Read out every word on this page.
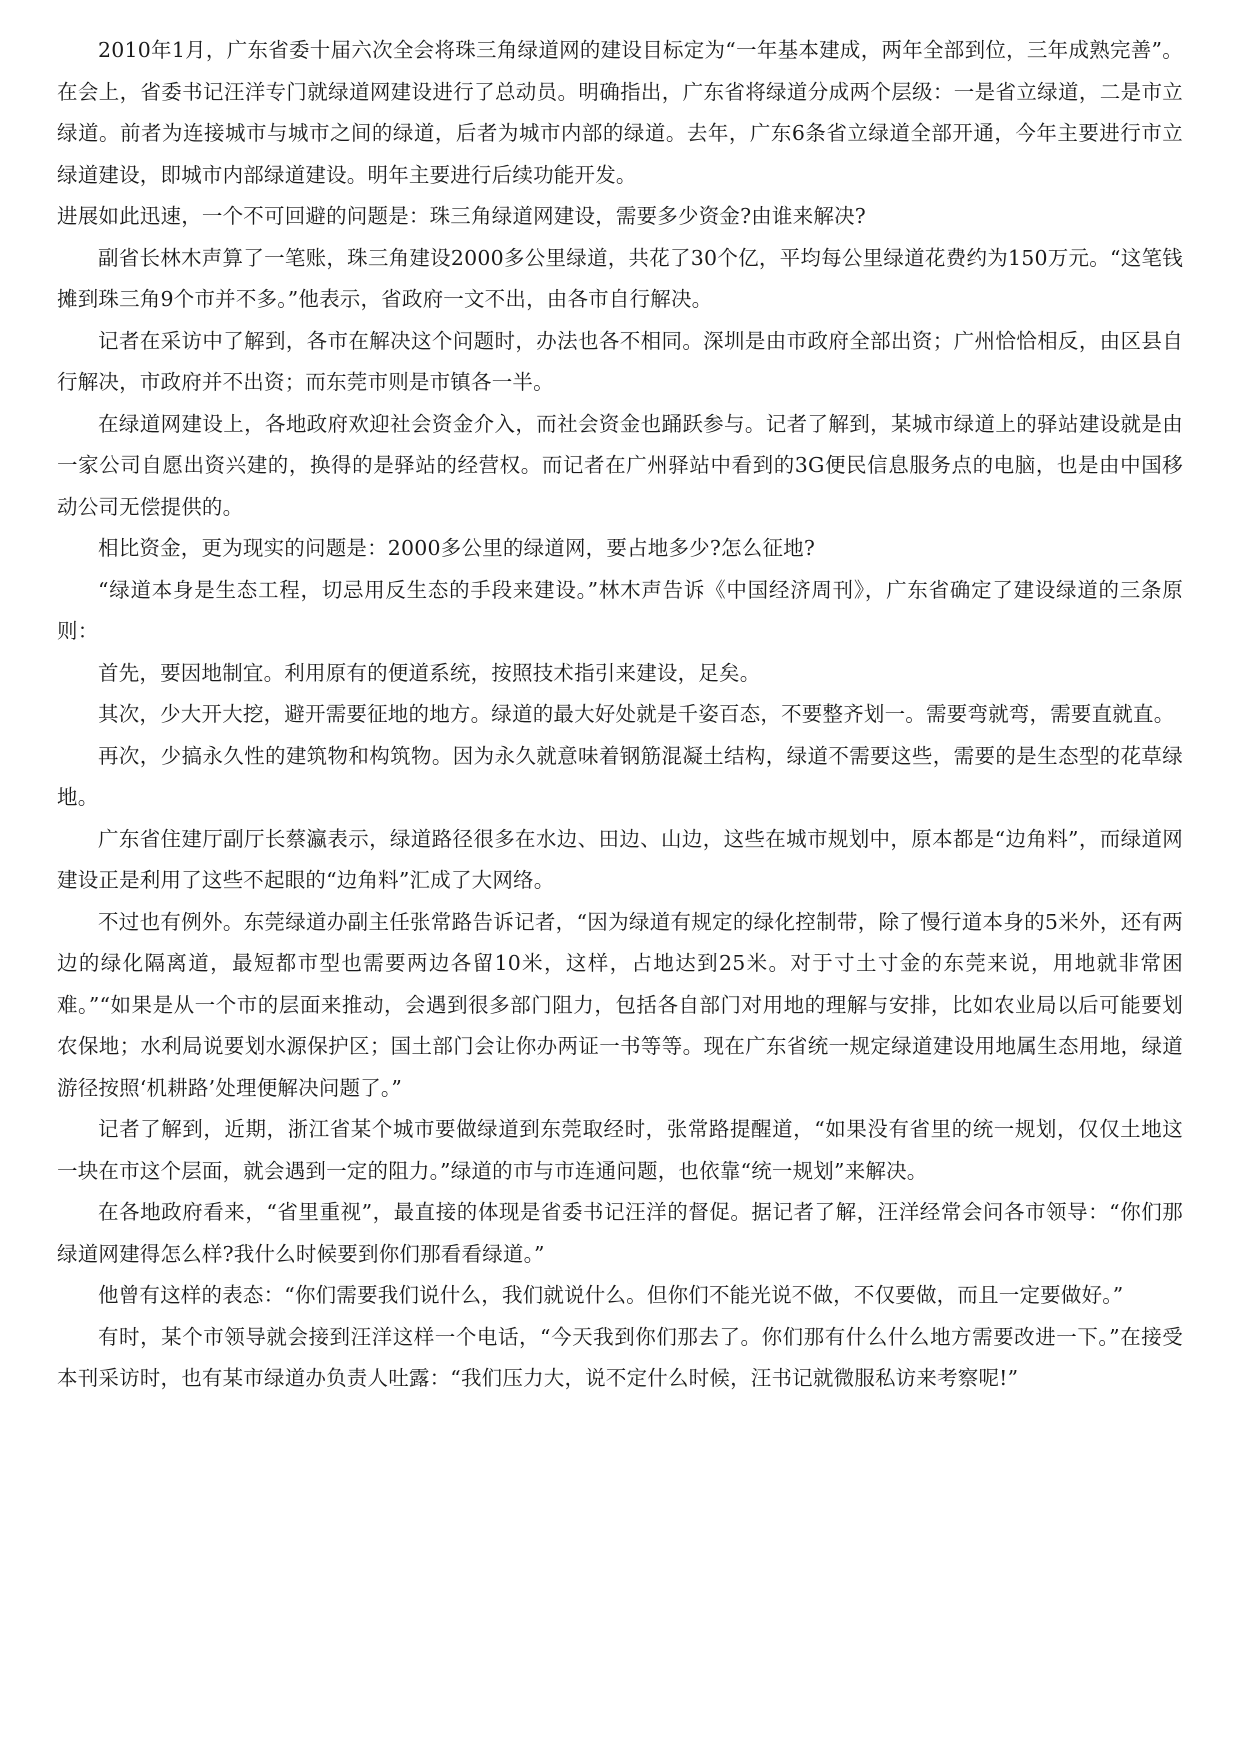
2010年1月，广东省委十届六次全会将珠三角绿道网的建设目标定为“一年基本建成，两年全部到位，三年成熟完善”。在会上，省委书记汪洋专门就绿道网建设进行了总动员。明确指出，广东省将绿道分成两个层级：一是省立绿道，二是市立绿道。前者为连接城市与城市之间的绿道，后者为城市内部的绿道。去年，广东6条省立绿道全部开通，今年主要进行市立绿道建设，即城市内部绿道建设。明年主要进行后续功能开发。

进展如此迅速，一个不可回避的问题是：珠三角绿道网建设，需要多少资金?由谁来解决?

副省长林木声算了一笔账，珠三角建设2000多公里绿道，共花了30个亿，平均每公里绿道花费约为150万元。“这笔钱摊到珠三角9个市并不多。”他表示，省政府一文不出，由各市自行解决。

记者在采访中了解到，各市在解决这个问题时，办法也各不相同。深圳是由市政府全部出资；广州恰恰相反，由区县自行解决，市政府并不出资；而东莞市则是市镇各一半。

在绿道网建设上，各地政府欢迎社会资金介入，而社会资金也踊跃参与。记者了解到，某城市绿道上的驿站建设就是由一家公司自愿出资兴建的，换得的是驿站的经营权。而记者在广州驿站中看到的3G便民信息服务点的电脑，也是由中国移动公司无偿提供的。

相比资金，更为现实的问题是：2000多公里的绿道网，要占地多少?怎么征地?

“绿道本身是生态工程，切忌用反生态的手段来建设。”林木声告诉《中国经济周刊》，广东省确定了建设绿道的三条原则：

首先，要因地制宜。利用原有的便道系统，按照技术指引来建设，足矣。

其次，少大开大挖，避开需要征地的地方。绿道的最大好处就是千姿百态，不要整齐划一。需要弯就弯，需要直就直。

再次，少搞永久性的建筑物和构筑物。因为永久就意味着钢筋混凝土结构，绿道不需要这些，需要的是生态型的花草绿地。

广东省住建厅副厅长蔡瀛表示，绿道路径很多在水边、田边、山边，这些在城市规划中，原本都是“边角料”，而绿道网建设正是利用了这些不起眼的“边角料”汇成了大网络。

不过也有例外。东莞绿道办副主任张常路告诉记者，“因为绿道有规定的绿化控制带，除了慢行道本身的5米外，还有两边的绿化隔离道，最短都市型也需要两边各留10米，这样，占地达到25米。对于寸土寸金的东莞来说，用地就非常困难。”“如果是从一个市的层面来推动，会遇到很多部门阻力，包括各自部门对用地的理解与安排，比如农业局以后可能要划农保地；水利局说要划水源保护区；国土部门会让你办两证一书等等。现在广东省统一规定绿道建设用地属生态用地，绿道游径按照‘机耕路’处理便解决问题了。”

记者了解到，近期，浙江省某个城市要做绿道到东莞取经时，张常路提醒道，“如果没有省里的统一规划，仅仅土地这一块在市这个层面，就会遇到一定的阻力。”绿道的市与市连通问题，也依靠“统一规划”来解决。

在各地政府看来，“省里重视”，最直接的体现是省委书记汪洋的督促。据记者了解，汪洋经常会问各市领导：“你们那绿道网建得怎么样?我什么时候要到你们那看看绿道。”

他曾有这样的表态：“你们需要我们说什么，我们就说什么。但你们不能光说不做，不仅要做，而且一定要做好。”

有时，某个市领导就会接到汪洋这样一个电话，“今天我到你们那去了。你们那有什么什么地方需要改进一下。”在接受本刊采访时，也有某市绿道办负责人吐露：“我们压力大，说不定什么时候，汪书记就微服私访来考察呢!”
